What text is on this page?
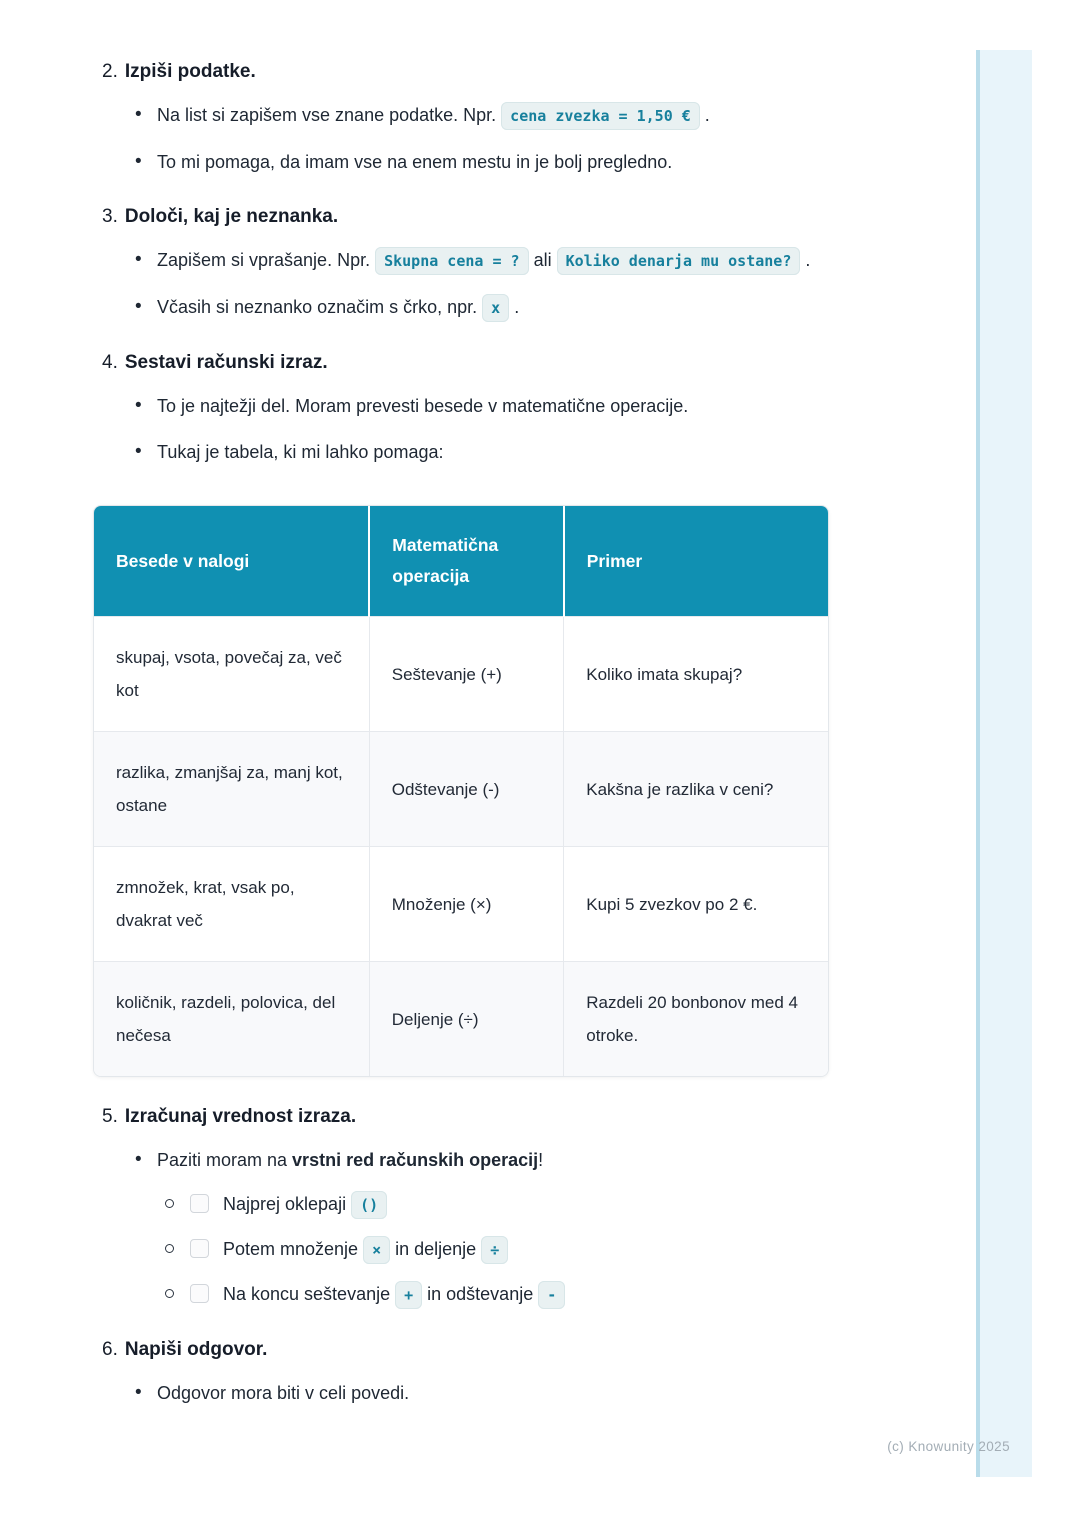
2. Izpiši podatke.
• Na list si zapišem vse znane podatke. Npr. cena zvezka = 1,50 € .
• To mi pomaga, da imam vse na enem mestu in je bolj pregledno.
3. Določi, kaj je neznanka.
• Zapišem si vprašanje. Npr. Skupna cena = ? ali Koliko denarja mu ostane? .
• Včasih si neznanko označim s črko, npr. x .
4. Sestavi računski izraz.
• To je najtežji del. Moram prevesti besede v matematične operacije.
• Tukaj je tabela, ki mi lahko pomaga:
Besede v nalogi	Matematična operacija	Primer
skupaj, vsota, povečaj za, več kot	Seštevanje (+)	Koliko imata skupaj?
razlika, zmanjšaj za, manj kot, ostane	Odštevanje (-)	Kakšna je razlika v ceni?
zmnožek, krat, vsak po, dvakrat več	Množenje (×)	Kupi 5 zvezkov po 2 €.
količnik, razdeli, polovica, del nečesa	Deljenje (÷)	Razdeli 20 bonbonov med 4 otroke.
5. Izračunaj vrednost izraza.
• Paziti moram na vrstni red računskih operacij!
Najprej oklepaji ()
Potem množenje × in deljenje ÷
Na koncu seštevanje + in odštevanje -
6. Napiši odgovor.
• Odgovor mora biti v celi povedi.
(c) Knowunity 2025
